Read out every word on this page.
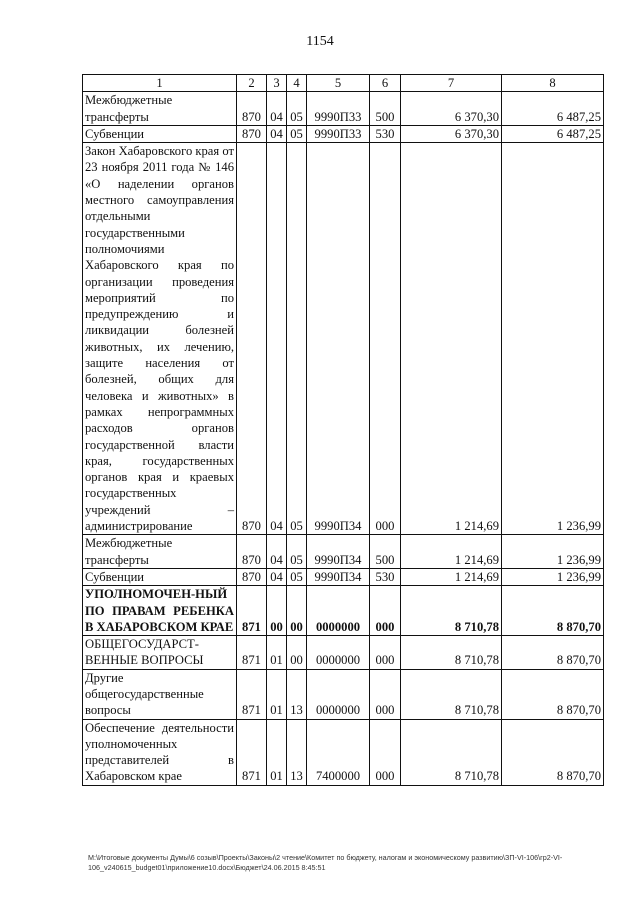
1154
1	2	3	4	5	6	7	8
Межбюджетные трансферты	870	04	05	9990П33	500	6 370,30	6 487,25
Субвенции	870	04	05	9990П33	530	6 370,30	6 487,25
Закон Хабаровского края от 23 ноября 2011 года № 146 «О наделении органов местного самоуправления отдельными государственными полномочиями Хабаровского края по организации проведения мероприятий по предупреждению и ликвидации болезней животных, их лечению, защите населения от болезней, общих для человека и животных» в рамках непрограммных расходов органов государственной власти края, государственных органов края и краевых государственных учреждений – администрирование	870	04	05	9990П34	000	1 214,69	1 236,99
Межбюджетные трансферты	870	04	05	9990П34	500	1 214,69	1 236,99
Субвенции	870	04	05	9990П34	530	1 214,69	1 236,99
УПОЛНОМОЧЕН-НЫЙ ПО ПРАВАМ РЕБЕНКА В ХАБАРОВСКОМ КРАЕ	871	00	00	0000000	000	8 710,78	8 870,70
ОБЩЕГОСУДАРСТ-ВЕННЫЕ ВОПРОСЫ	871	01	00	0000000	000	8 710,78	8 870,70
Другие общегосударственные вопросы	871	01	13	0000000	000	8 710,78	8 870,70
Обеспечение деятельности уполномоченных представителей в Хабаровском крае	871	01	13	7400000	000	8 710,78	8 870,70
M:\Итоговые документы Думы\6 созыв\Проекты\Законы\2 чтение\Комитет по бюджету, налогам и экономическому развитию\ЗП-VI-106\гр2-VI-106_v240615_budget01\приложение10.docx\Бюджет\24.06.2015 8:45:51
